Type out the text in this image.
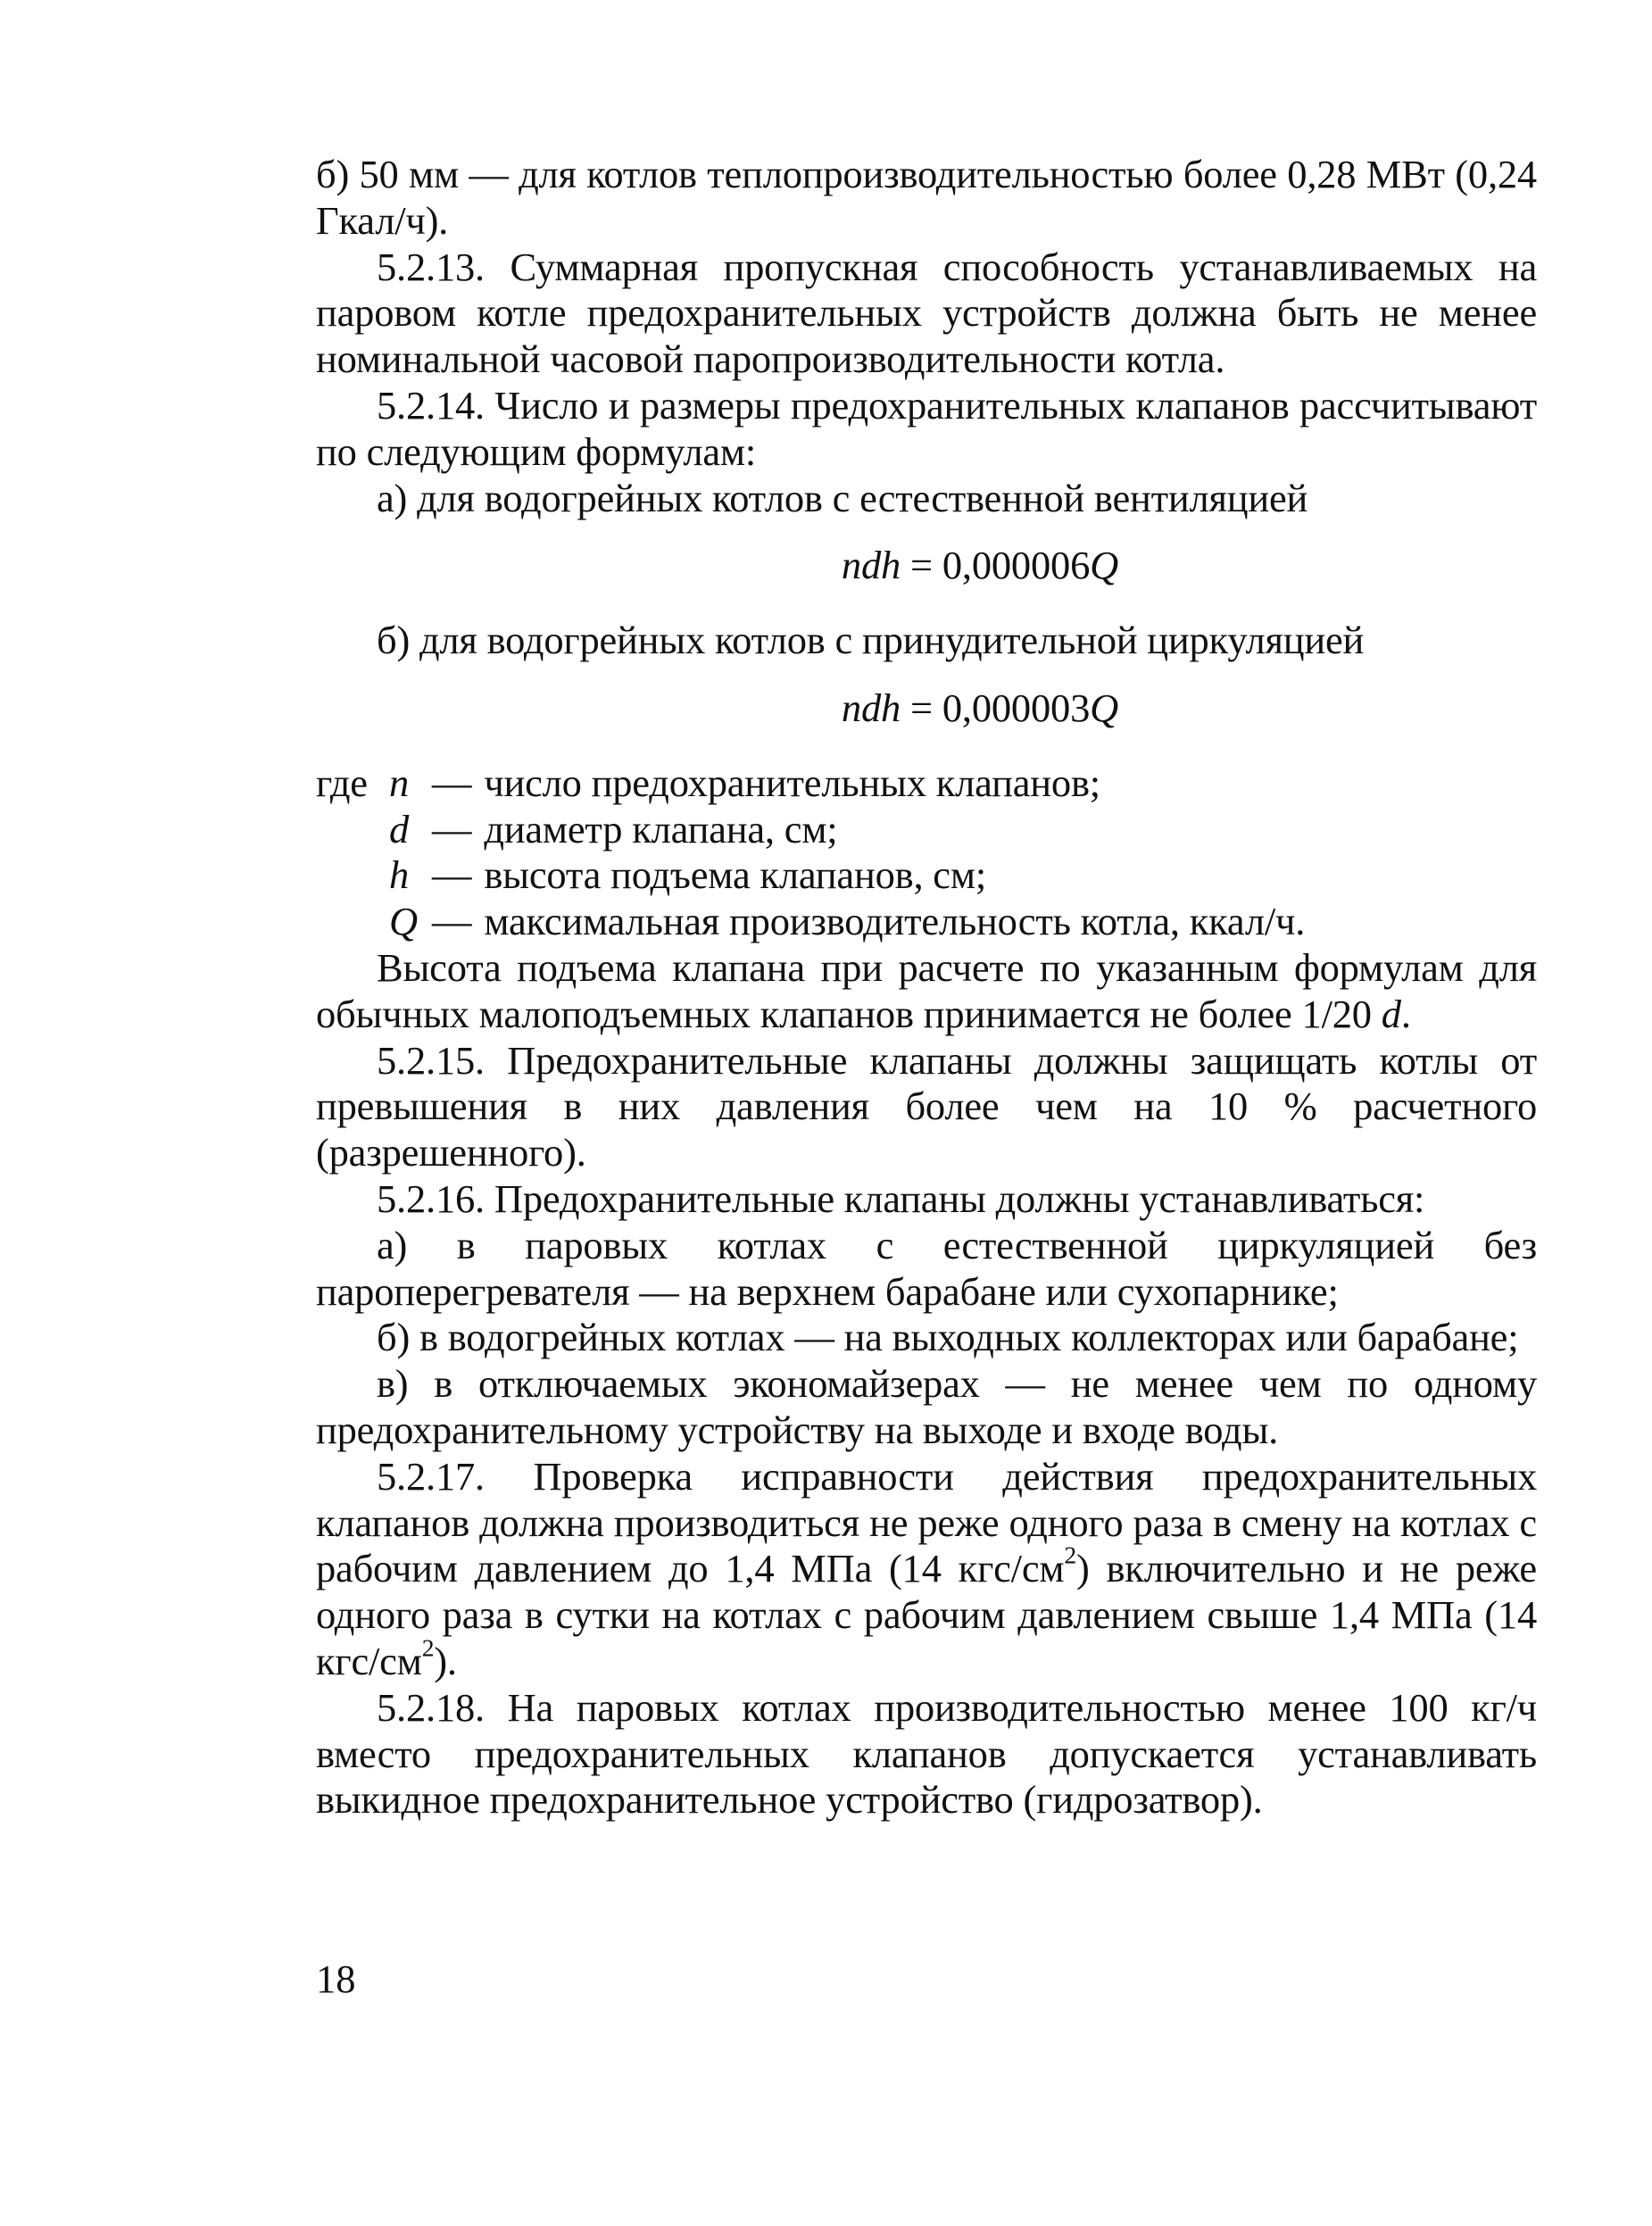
б) 50 мм — для котлов теплопроизводительностью более 0,28 МВт (0,24 Гкал/ч).

5.2.13. Суммарная пропускная способность устанавливаемых на паровом котле предохранительных устройств должна быть не менее номинальной часовой паропроизводительности котла.

5.2.14. Число и размеры предохранительных клапанов рассчитывают по следующим формулам:

а) для водогрейных котлов с естественной вентиляцией

ndh = 0,000006Q

б) для водогрейных котлов с принудительной циркуляцией

ndh = 0,000003Q
где n — число предохранительных клапанов;
d — диаметр клапана, см;
h — высота подъема клапанов, см;
Q — максимальная производительность котла, ккал/ч.

Высота подъема клапана при расчете по указанным формулам для обычных малоподъемных клапанов принимается не более 1/20 d.

5.2.15. Предохранительные клапаны должны защищать котлы от превышения в них давления более чем на 10 % расчетного (разрешенного).

5.2.16. Предохранительные клапаны должны устанавливаться:

а) в паровых котлах с естественной циркуляцией без пароперегревателя — на верхнем барабане или сухопарнике;

б) в водогрейных котлах — на выходных коллекторах или барабане;

в) в отключаемых экономайзерах — не менее чем по одному предохранительному устройству на выходе и входе воды.

5.2.17. Проверка исправности действия предохранительных клапанов должна производиться не реже одного раза в смену на котлах с рабочим давлением до 1,4 МПа (14 кгс/$см^2$) включительно и не реже одного раза в сутки на котлах с рабочим давлением свыше 1,4 МПа (14 кгс/$см^2$).

5.2.18. На паровых котлах производительностью менее 100 кг/ч вместо предохранительных клапанов допускается устанавливать выкидное предохранительное устройство (гидрозатвор).

18
